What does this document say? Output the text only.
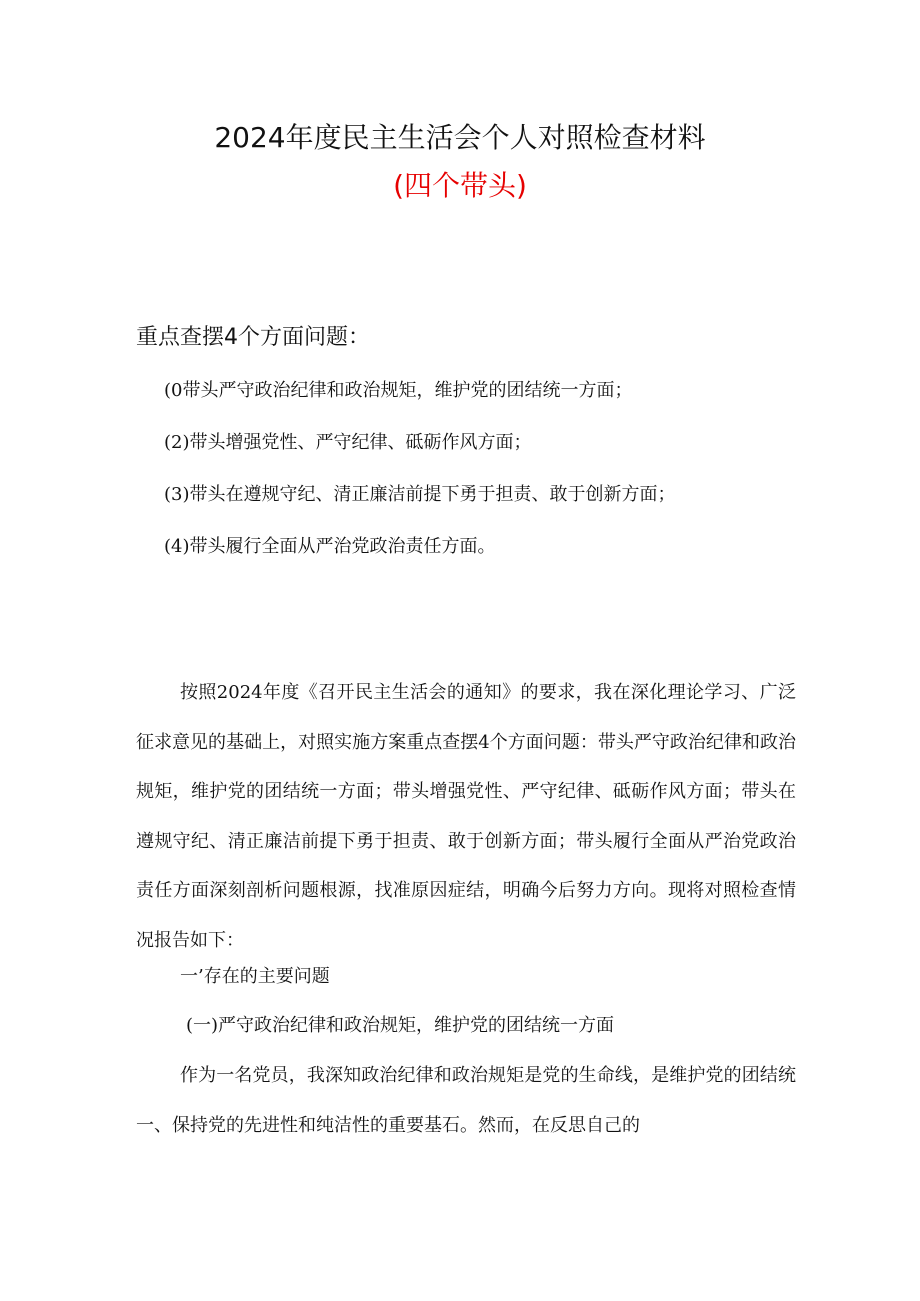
2024年度民主生活会个人对照检查材料
(四个带头)
重点查摆4个方面问题：
(0带头严守政治纪律和政治规矩，维护党的团结统一方面；
(2)带头增强党性、严守纪律、砥砺作风方面；
(3)带头在遵规守纪、清正廉洁前提下勇于担责、敢于创新方面；
(4)带头履行全面从严治党政治责任方面。

按照2024年度《召开民主生活会的通知》的要求，我在深化理论学习、广泛征求意见的基础上，对照实施方案重点查摆4个方面问题：带头严守政治纪律和政治规矩，维护党的团结统一方面；带头增强党性、严守纪律、砥砺作风方面；带头在遵规守纪、清正廉洁前提下勇于担责、敢于创新方面；带头履行全面从严治党政治责任方面深刻剖析问题根源，找准原因症结，明确今后努力方向。现将对照检查情况报告如下：

一’存在的主要问题
(一)严守政治纪律和政治规矩，维护党的团结统一方面

作为一名党员，我深知政治纪律和政治规矩是党的生命线，是维护党的团结统一、保持党的先进性和纯洁性的重要基石。然而，在反思自己的
